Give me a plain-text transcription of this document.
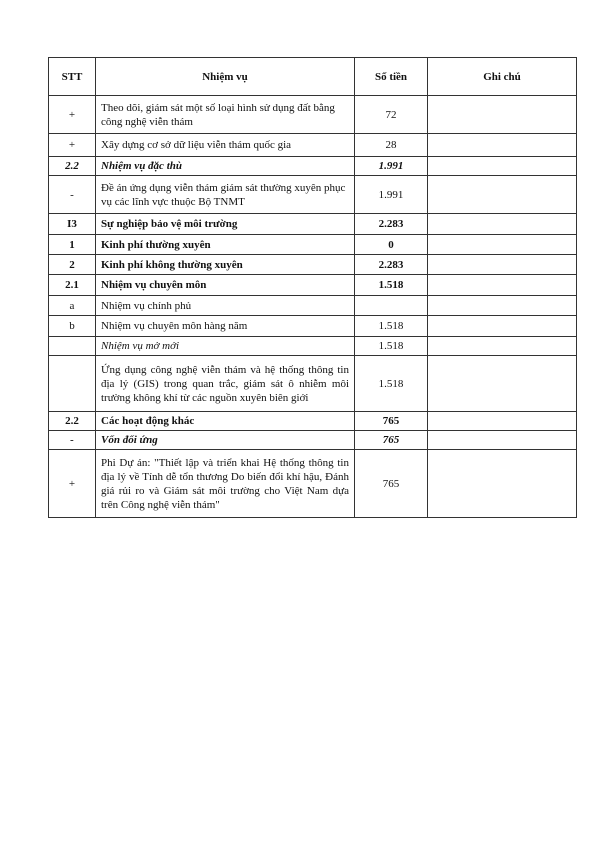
STT	Nhiệm vụ	Số tiền	Ghi chú
+	Theo dõi, giám sát một số loại hình sử dụng đất bằng công nghệ viễn thám	72	
+	Xây dựng cơ sở dữ liệu viễn thám quốc gia	28	
2.2	Nhiệm vụ đặc thù	1.991	
-	Đề án ứng dụng viễn thám giám sát thường xuyên phục vụ các lĩnh vực thuộc Bộ TNMT	1.991	
I3	Sự nghiệp bảo vệ môi trường	2.283	
1	Kinh phí thường xuyên	0	
2	Kinh phí không thường xuyên	2.283	
2.1	Nhiệm vụ chuyên môn	1.518	
a	Nhiệm vụ chính phủ		
b	Nhiệm vụ chuyên môn hàng năm	1.518	
	Nhiệm vụ mở mới	1.518	
	Ứng dụng công nghệ viễn thám và hệ thống thông tin địa lý (GIS) trong quan trắc, giám sát ô nhiễm môi trường không khí từ các nguồn xuyên biên giới	1.518	
2.2	Các hoạt động khác	765	
-	Vốn đối ứng	765	
+	Phi Dự án: "Thiết lập và triển khai Hệ thống thông tin địa lý về Tính dễ tổn thương Do biến đổi khí hậu, Đánh giá rủi ro và Giám sát môi trường cho Việt Nam dựa trên Công nghệ viễn thám"	765	
